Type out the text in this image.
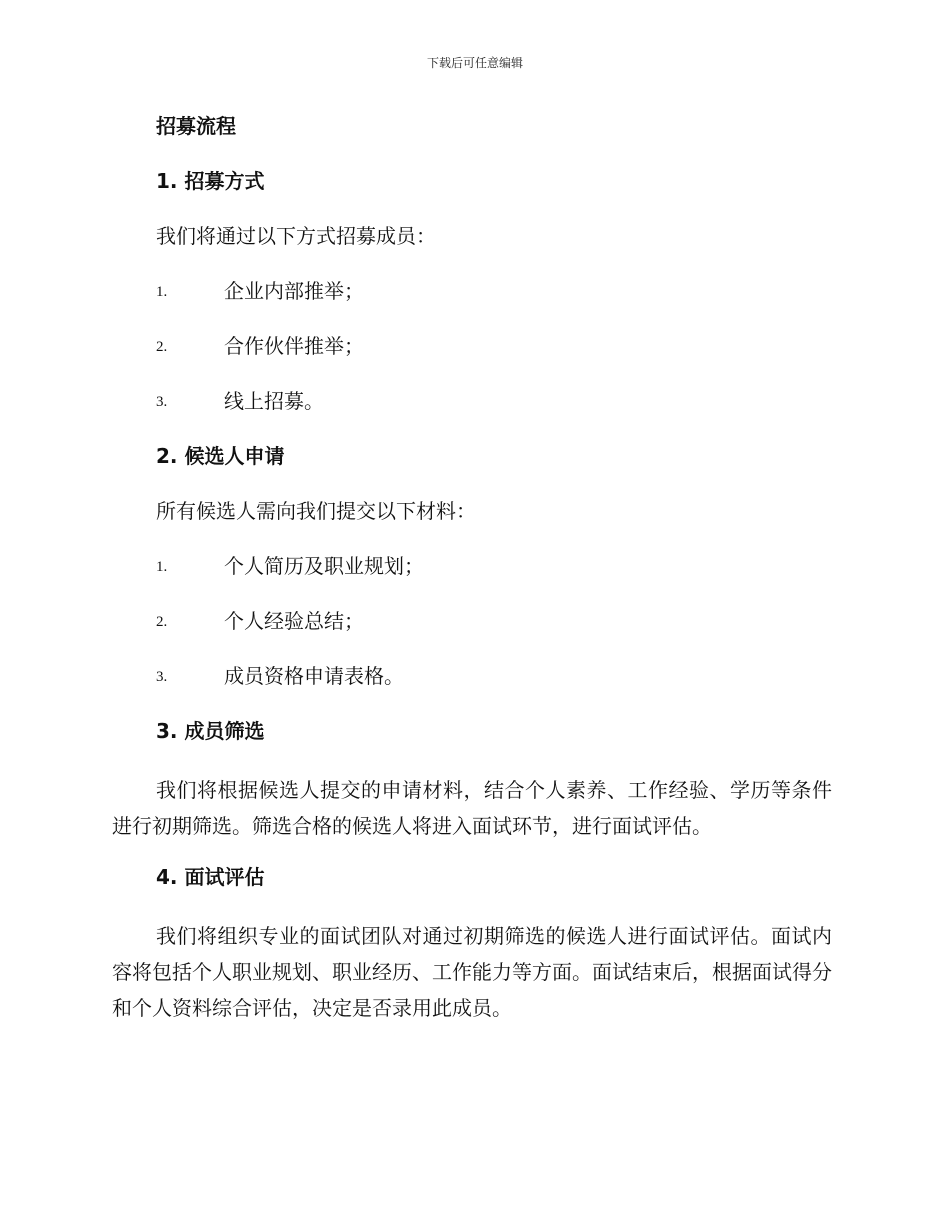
下载后可任意编辑
招募流程
1. 招募方式
我们将通过以下方式招募成员：
1.	企业内部推举；
2.	合作伙伴推举；
3.	线上招募。
2. 候选人申请
所有候选人需向我们提交以下材料：
1.	个人简历及职业规划；
2.	个人经验总结；
3.	成员资格申请表格。
3. 成员筛选

我们将根据候选人提交的申请材料，结合个人素养、工作经验、学历等条件进行初期筛选。筛选合格的候选人将进入面试环节，进行面试评估。

4. 面试评估

我们将组织专业的面试团队对通过初期筛选的候选人进行面试评估。面试内容将包括个人职业规划、职业经历、工作能力等方面。面试结束后，根据面试得分和个人资料综合评估，决定是否录用此成员。
